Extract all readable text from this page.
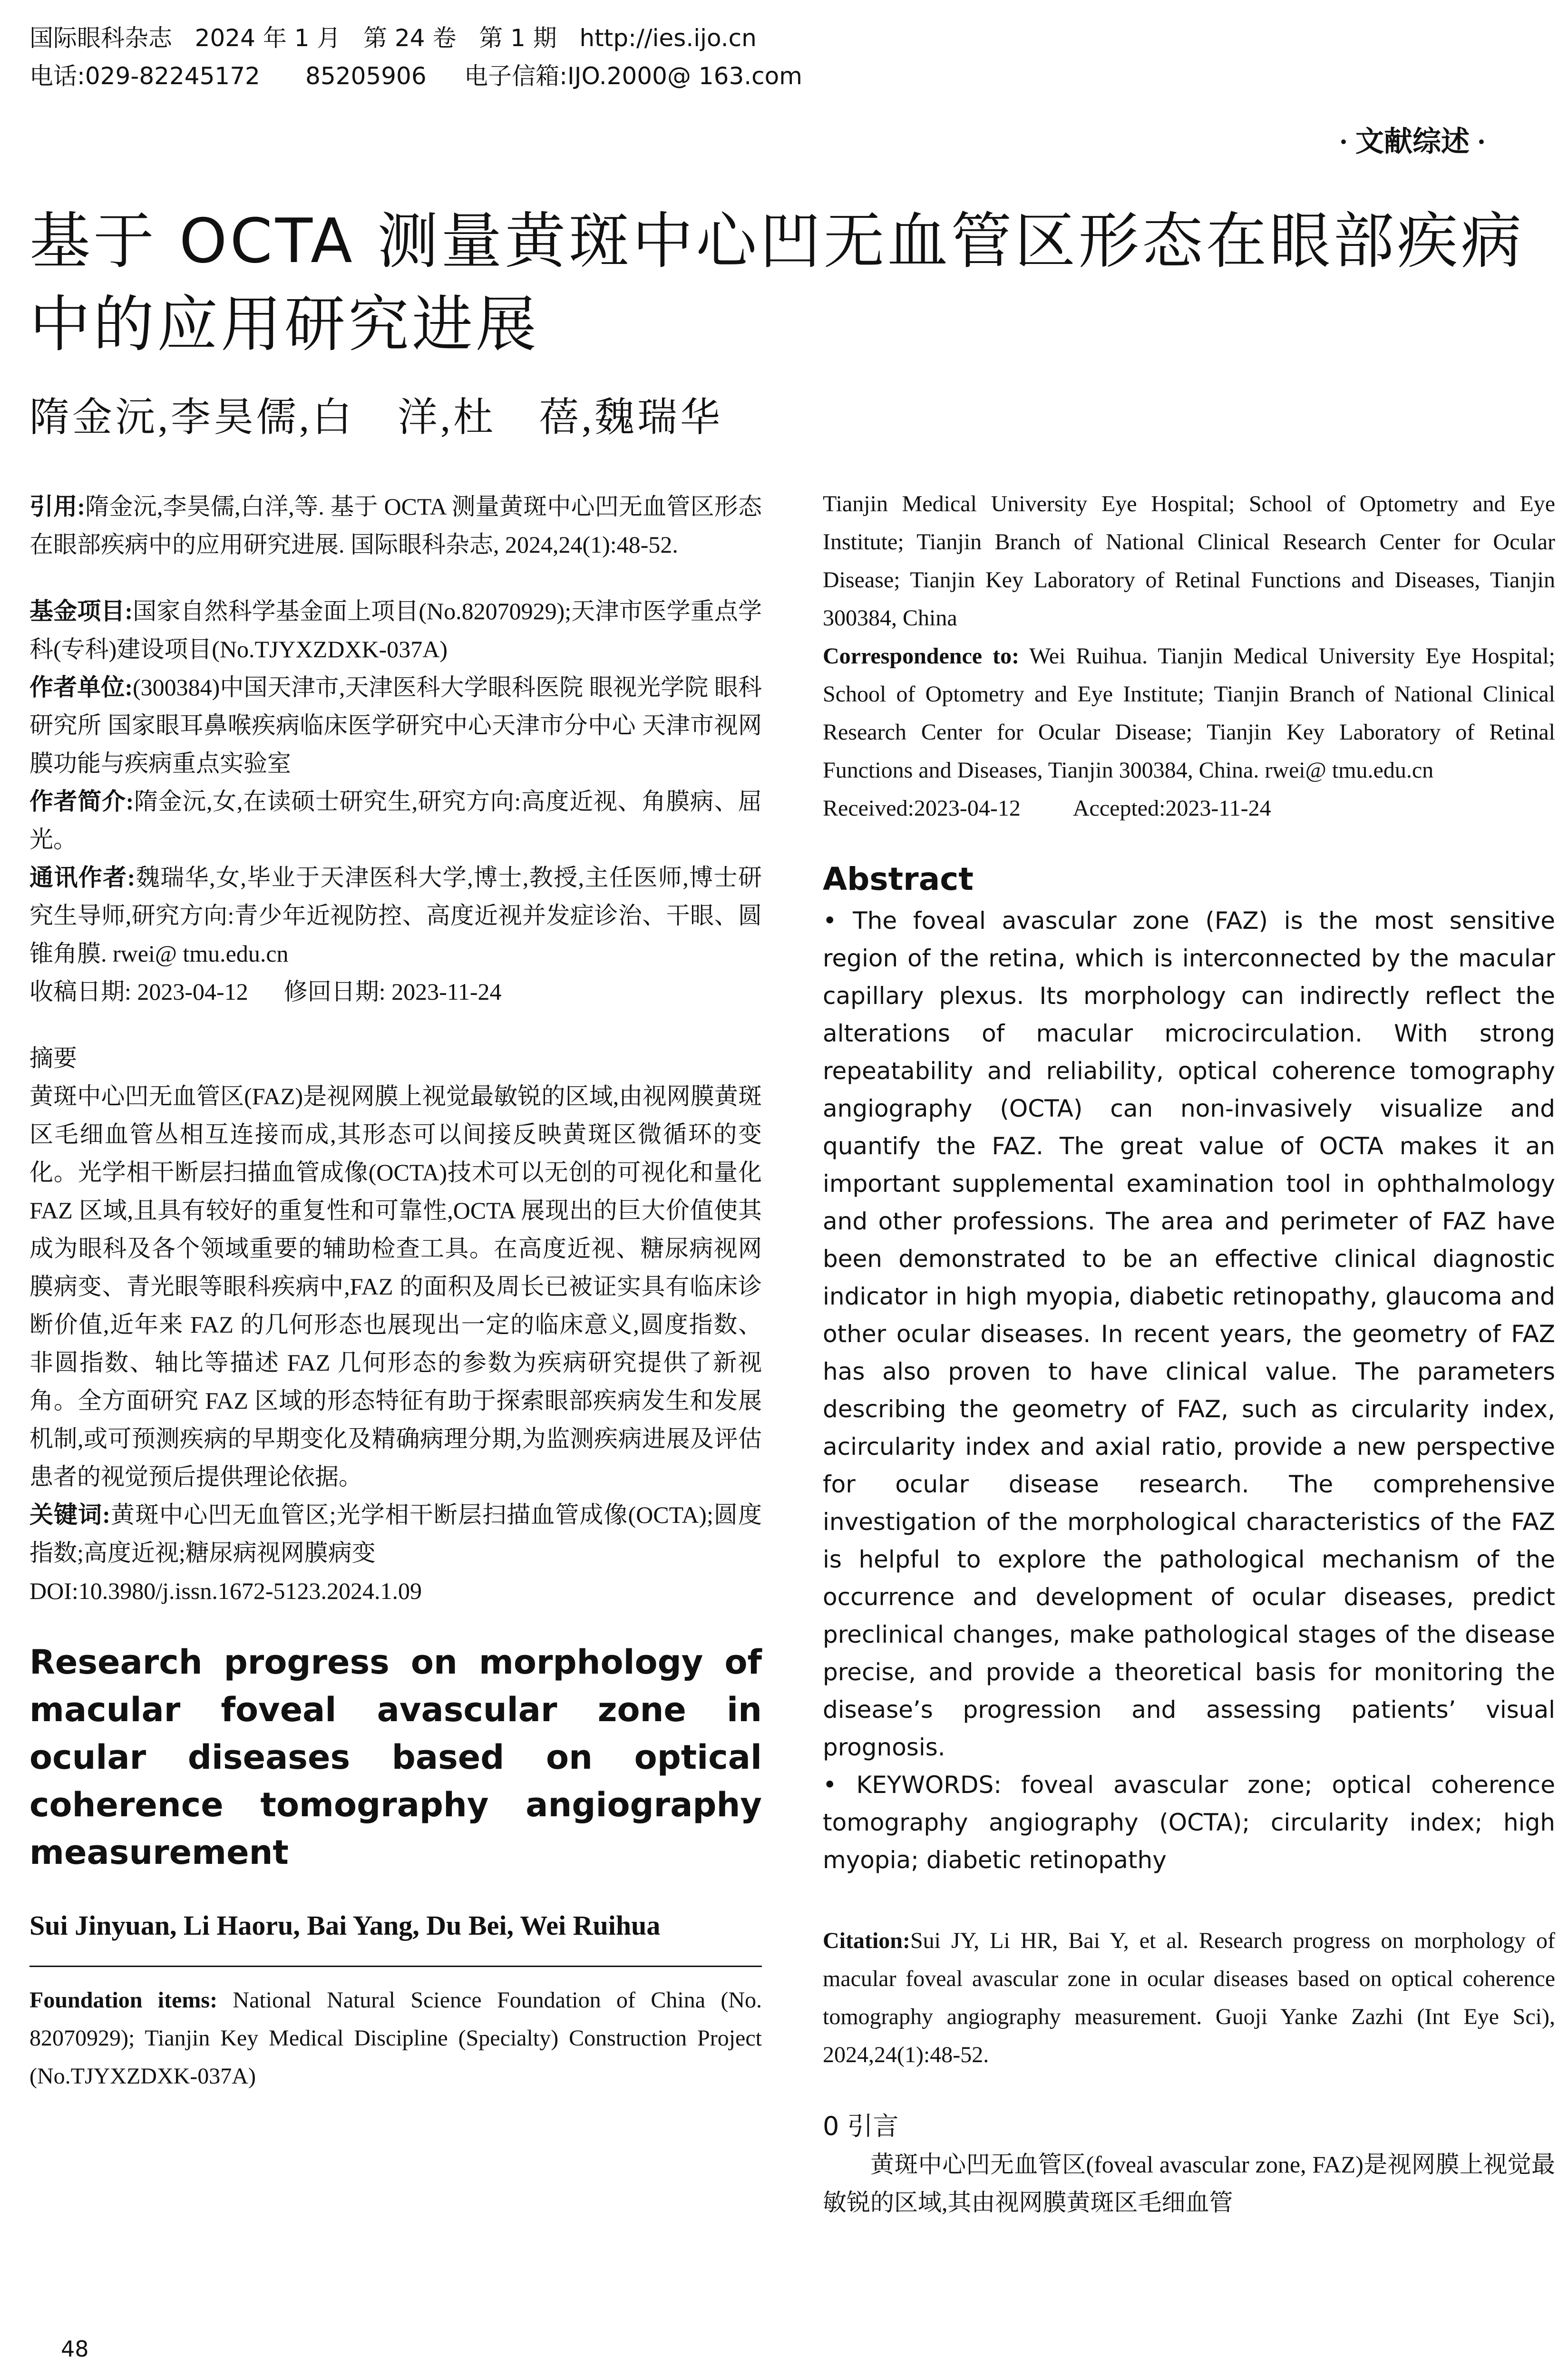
国际眼科杂志   2024 年 1 月   第 24 卷   第 1 期   http://ies.ijo.cn
电话:029-82245172      85205906     电子信箱:IJO.2000@ 163.com
· 文献综述 ·
基于 OCTA 测量黄斑中心凹无血管区形态在眼部疾病中的应用研究进展
隋金沅,李昊儒,白　洋,杜　蓓,魏瑞华

引用:隋金沅,李昊儒,白洋,等. 基于 OCTA 测量黄斑中心凹无血管区形态在眼部疾病中的应用研究进展. 国际眼科杂志, 2024,24(1):48-52.

基金项目:国家自然科学基金面上项目(No.82070929);天津市医学重点学科(专科)建设项目(No.TJYXZDXK-037A)

作者单位:(300384)中国天津市,天津医科大学眼科医院 眼视光学院 眼科研究所 国家眼耳鼻喉疾病临床医学研究中心天津市分中心 天津市视网膜功能与疾病重点实验室

作者简介:隋金沅,女,在读硕士研究生,研究方向:高度近视、角膜病、屈光。

通讯作者:魏瑞华,女,毕业于天津医科大学,博士,教授,主任医师,博士研究生导师,研究方向:青少年近视防控、高度近视并发症诊治、干眼、圆锥角膜. rwei@ tmu.edu.cn

收稿日期: 2023-04-12      修回日期: 2023-11-24

摘要

黄斑中心凹无血管区(FAZ)是视网膜上视觉最敏锐的区域,由视网膜黄斑区毛细血管丛相互连接而成,其形态可以间接反映黄斑区微循环的变化。光学相干断层扫描血管成像(OCTA)技术可以无创的可视化和量化 FAZ 区域,且具有较好的重复性和可靠性,OCTA 展现出的巨大价值使其成为眼科及各个领域重要的辅助检查工具。在高度近视、糖尿病视网膜病变、青光眼等眼科疾病中,FAZ 的面积及周长已被证实具有临床诊断价值,近年来 FAZ 的几何形态也展现出一定的临床意义,圆度指数、非圆指数、轴比等描述 FAZ 几何形态的参数为疾病研究提供了新视角。全方面研究 FAZ 区域的形态特征有助于探索眼部疾病发生和发展机制,或可预测疾病的早期变化及精确病理分期,为监测疾病进展及评估患者的视觉预后提供理论依据。

关键词:黄斑中心凹无血管区;光学相干断层扫描血管成像(OCTA);圆度指数;高度近视;糖尿病视网膜病变

DOI:10.3980/j.issn.1672-5123.2024.1.09

Research progress on morphology of macular foveal avascular zone in ocular diseases based on optical coherence tomography angiography measurement

Sui Jinyuan, Li Haoru, Bai Yang, Du Bei, Wei Ruihua

Foundation items: National Natural Science Foundation of China (No. 82070929); Tianjin Key Medical Discipline (Specialty) Construction Project (No.TJYXZDXK-037A)

Tianjin Medical University Eye Hospital; School of Optometry and Eye Institute; Tianjin Branch of National Clinical Research Center for Ocular Disease; Tianjin Key Laboratory of Retinal Functions and Diseases, Tianjin 300384, China

Correspondence to: Wei Ruihua. Tianjin Medical University Eye Hospital; School of Optometry and Eye Institute; Tianjin Branch of National Clinical Research Center for Ocular Disease; Tianjin Key Laboratory of Retinal Functions and Diseases, Tianjin 300384, China. rwei@ tmu.edu.cn

Received:2023-04-12 Accepted:2023-11-24

Abstract

• The foveal avascular zone (FAZ) is the most sensitive region of the retina, which is interconnected by the macular capillary plexus. Its morphology can indirectly reflect the alterations of macular microcirculation. With strong repeatability and reliability, optical coherence tomography angiography (OCTA) can non-invasively visualize and quantify the FAZ. The great value of OCTA makes it an important supplemental examination tool in ophthalmology and other professions. The area and perimeter of FAZ have been demonstrated to be an effective clinical diagnostic indicator in high myopia, diabetic retinopathy, glaucoma and other ocular diseases. In recent years, the geometry of FAZ has also proven to have clinical value. The parameters describing the geometry of FAZ, such as circularity index, acircularity index and axial ratio, provide a new perspective for ocular disease research. The comprehensive investigation of the morphological characteristics of the FAZ is helpful to explore the pathological mechanism of the occurrence and development of ocular diseases, predict preclinical changes, make pathological stages of the disease precise, and provide a theoretical basis for monitoring the disease’s progression and assessing patients’ visual prognosis.

• KEYWORDS: foveal avascular zone; optical coherence tomography angiography (OCTA); circularity index; high myopia; diabetic retinopathy

Citation:Sui JY, Li HR, Bai Y, et al. Research progress on morphology of macular foveal avascular zone in ocular diseases based on optical coherence tomography angiography measurement. Guoji Yanke Zazhi (Int Eye Sci), 2024,24(1):48-52.

0 引言

黄斑中心凹无血管区(foveal avascular zone, FAZ)是视网膜上视觉最敏锐的区域,其由视网膜黄斑区毛细血管

48
